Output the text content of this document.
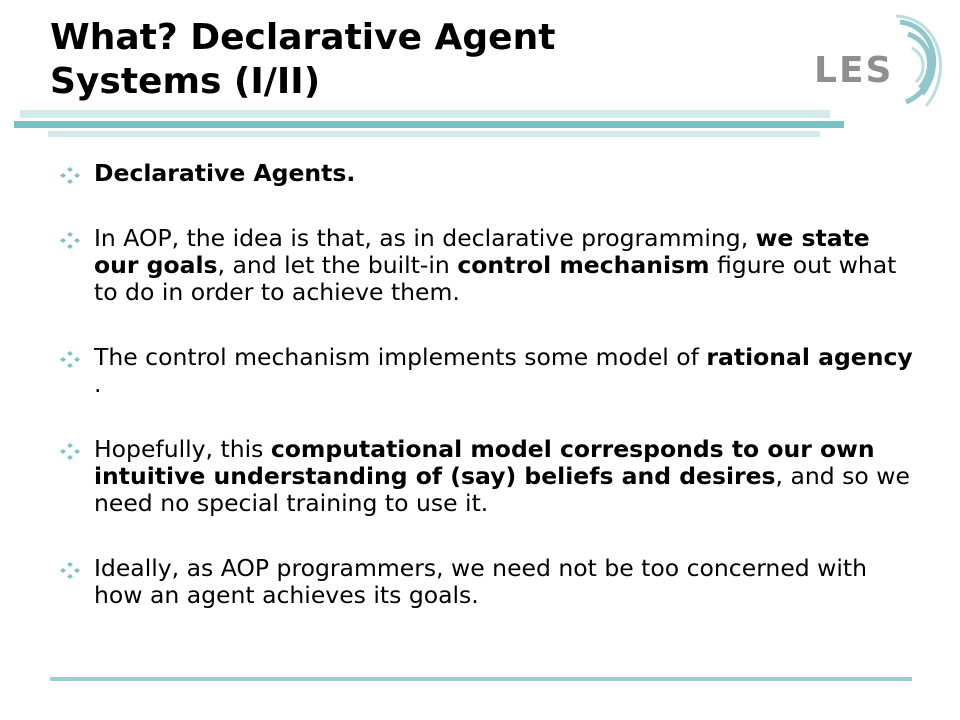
What? Declarative Agent
Systems (I/II)	LES
Declarative Agents.
In AOP, the idea is that, as in declarative programming, we state our goals, and let the built-in control mechanism figure out what to do in order to achieve them.
The control mechanism implements some model of rational agency .
Hopefully, this computational model corresponds to our own intuitive understanding of (say) beliefs and desires, and so we need no special training to use it.
Ideally, as AOP programmers, we need not be too concerned with how an agent achieves its goals.
